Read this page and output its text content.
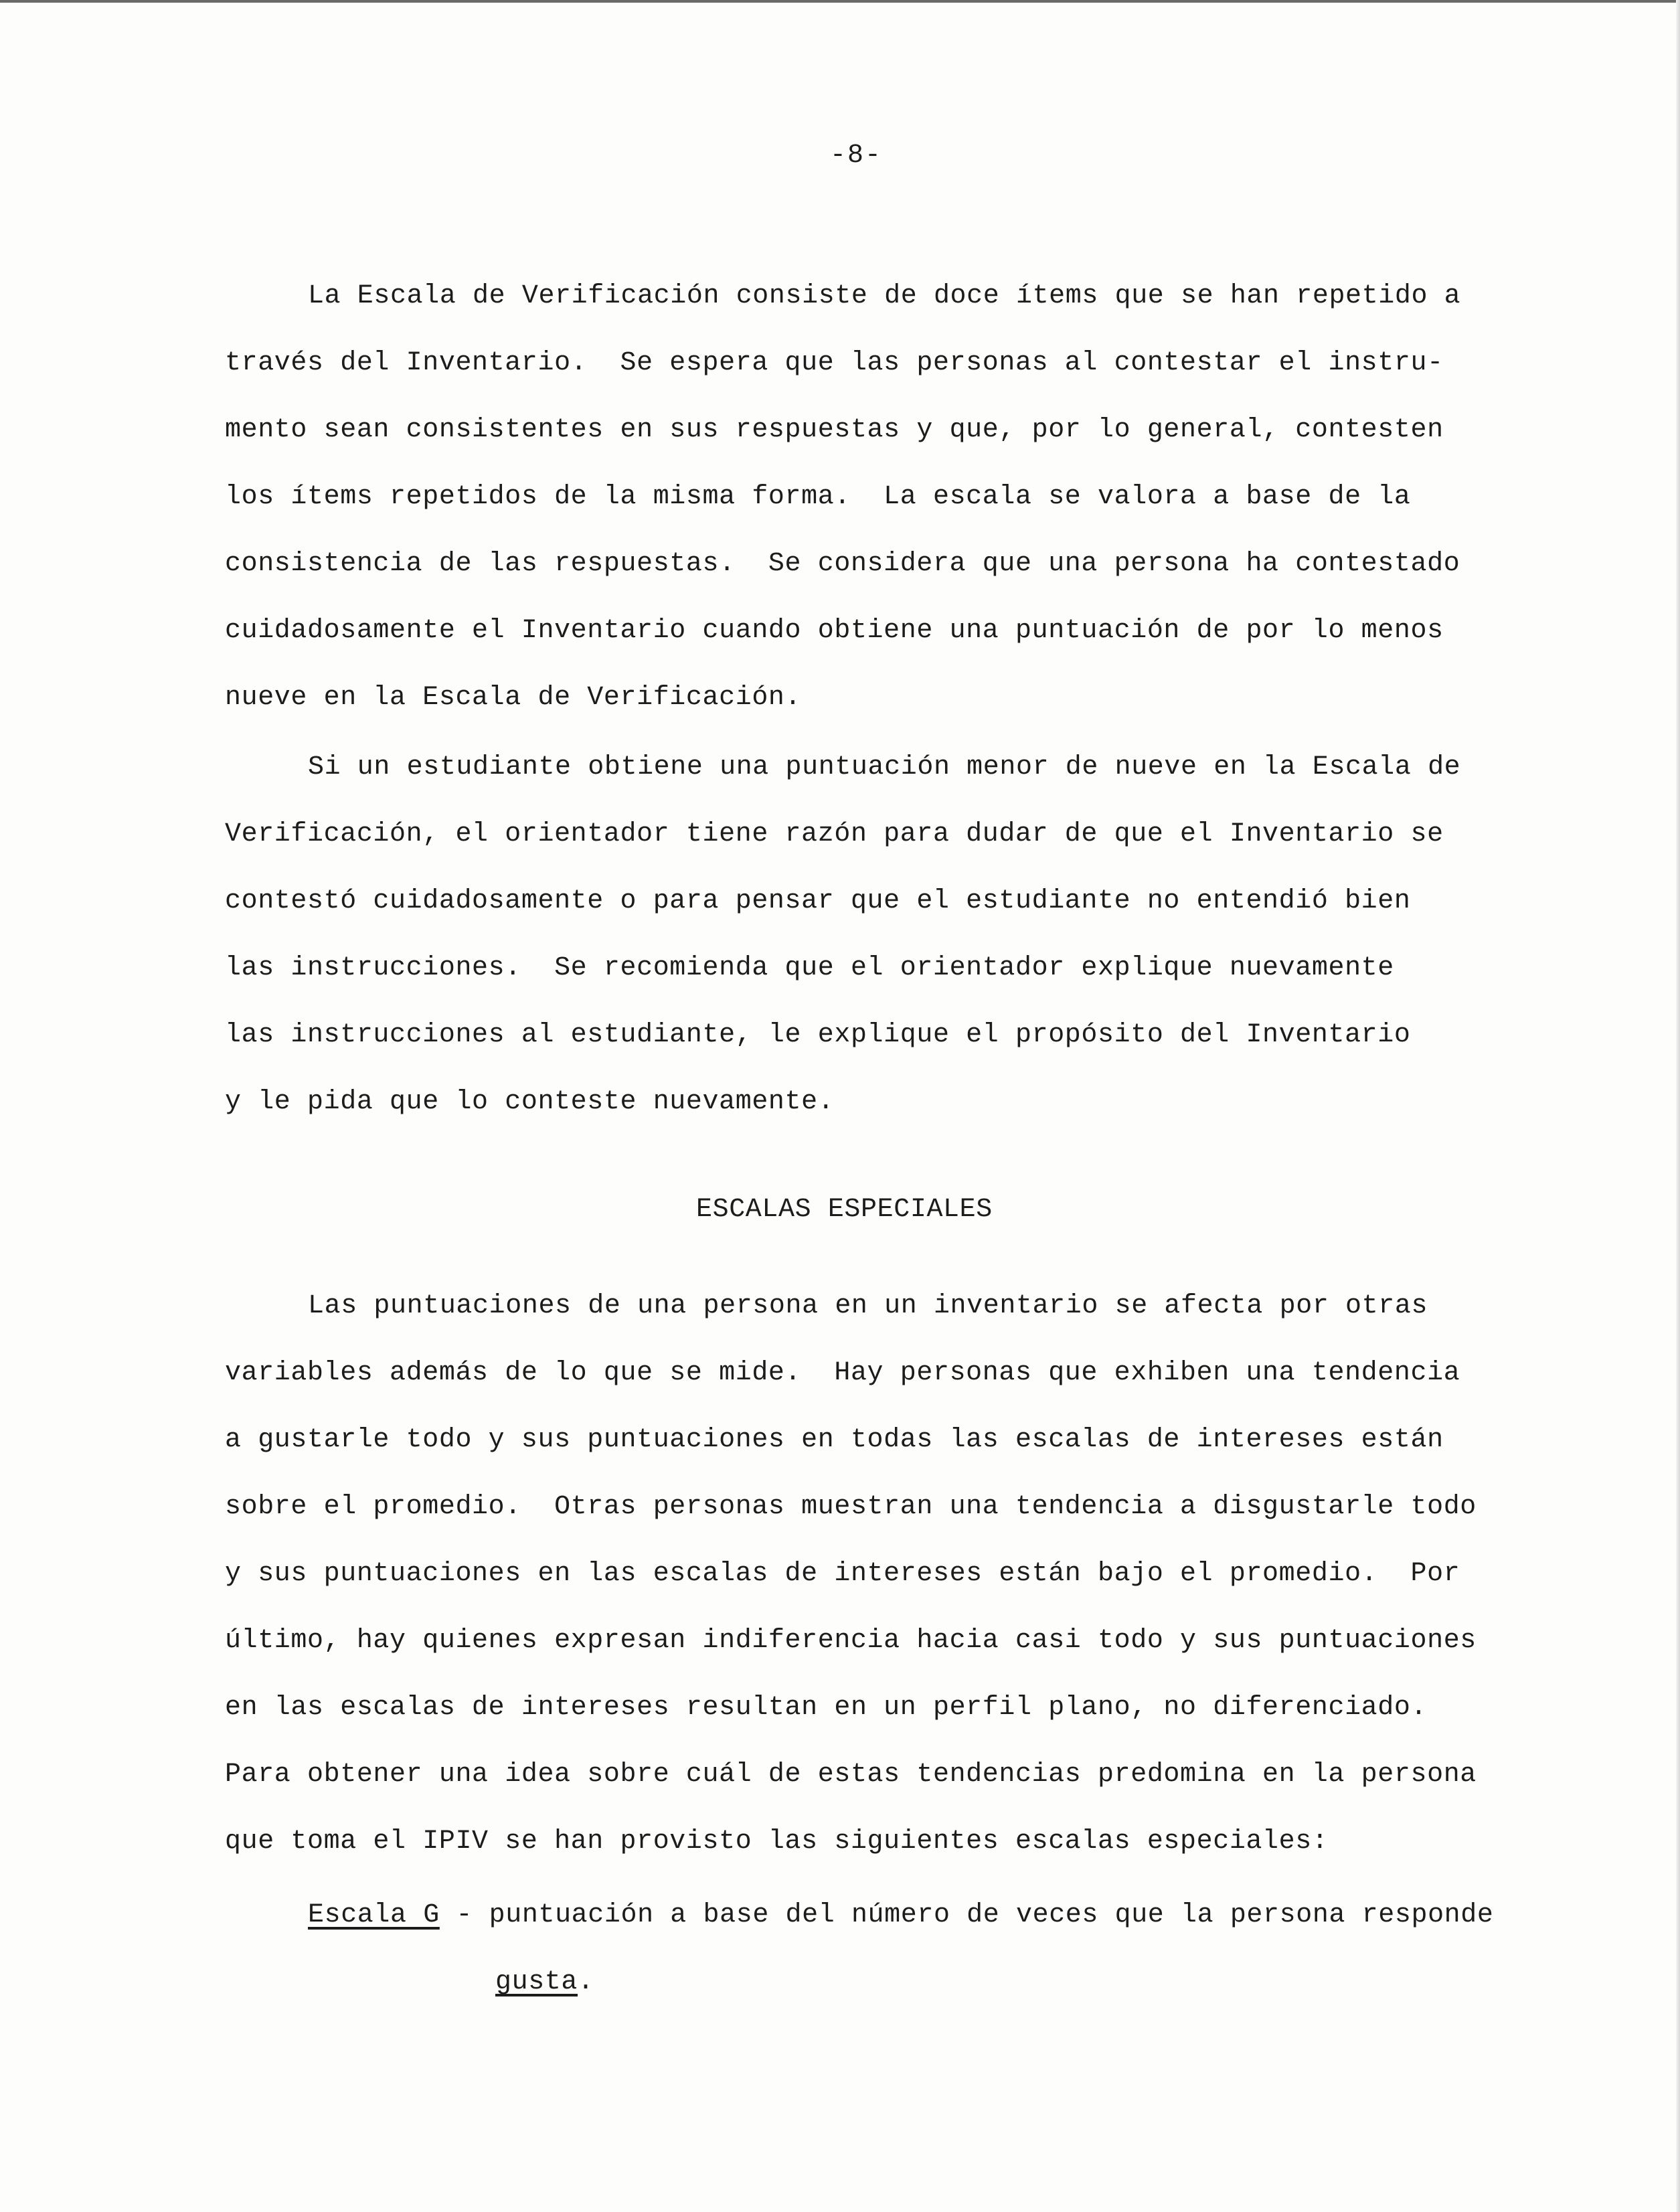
-8-
La Escala de Verificación consiste de doce ítems que se han repetido a
través del Inventario.  Se espera que las personas al contestar el instru-
mento sean consistentes en sus respuestas y que, por lo general, contesten
los ítems repetidos de la misma forma.  La escala se valora a base de la
consistencia de las respuestas.  Se considera que una persona ha contestado
cuidadosamente el Inventario cuando obtiene una puntuación de por lo menos
nueve en la Escala de Verificación.
Si un estudiante obtiene una puntuación menor de nueve en la Escala de
Verificación, el orientador tiene razón para dudar de que el Inventario se
contestó cuidadosamente o para pensar que el estudiante no entendió bien
las instrucciones.  Se recomienda que el orientador explique nuevamente
las instrucciones al estudiante, le explique el propósito del Inventario
y le pida que lo conteste nuevamente.
ESCALAS ESPECIALES
Las puntuaciones de una persona en un inventario se afecta por otras
variables además de lo que se mide.  Hay personas que exhiben una tendencia
a gustarle todo y sus puntuaciones en todas las escalas de intereses están
sobre el promedio.  Otras personas muestran una tendencia a disgustarle todo
y sus puntuaciones en las escalas de intereses están bajo el promedio.  Por
último, hay quienes expresan indiferencia hacia casi todo y sus puntuaciones
en las escalas de intereses resultan en un perfil plano, no diferenciado.
Para obtener una idea sobre cuál de estas tendencias predomina en la persona
que toma el IPIV se han provisto las siguientes escalas especiales:
Escala G - puntuación a base del número de veces que la persona responde
gusta.
